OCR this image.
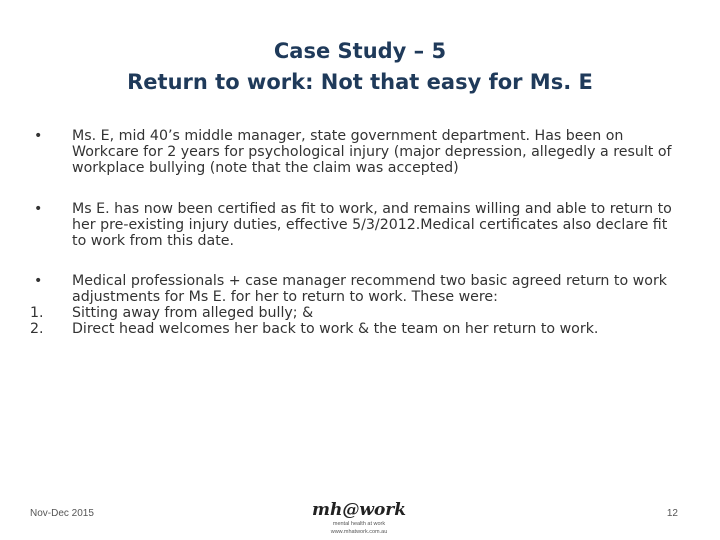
Case Study – 5
Return to work: Not that easy for Ms. E
•	Ms. E, mid 40’s middle manager, state government department. Has been on Workcare for 2 years for psychological injury (major depression, allegedly a result of workplace bullying (note that the claim was accepted)
•	Ms E. has now been certified as fit to work, and remains willing and able to return to her pre-existing injury duties, effective 5/3/2012.Medical certificates also declare fit to work from this date.
•	Medical professionals + case manager recommend two basic agreed return to work adjustments for Ms E. for her to return to work. These were:
1.	Sitting away from alleged bully; &
2.	Direct head welcomes her back to work & the team on her return to work.
Nov-Dec 2015	mh@work
mental health at work
www.mhatwork.com.au
12
